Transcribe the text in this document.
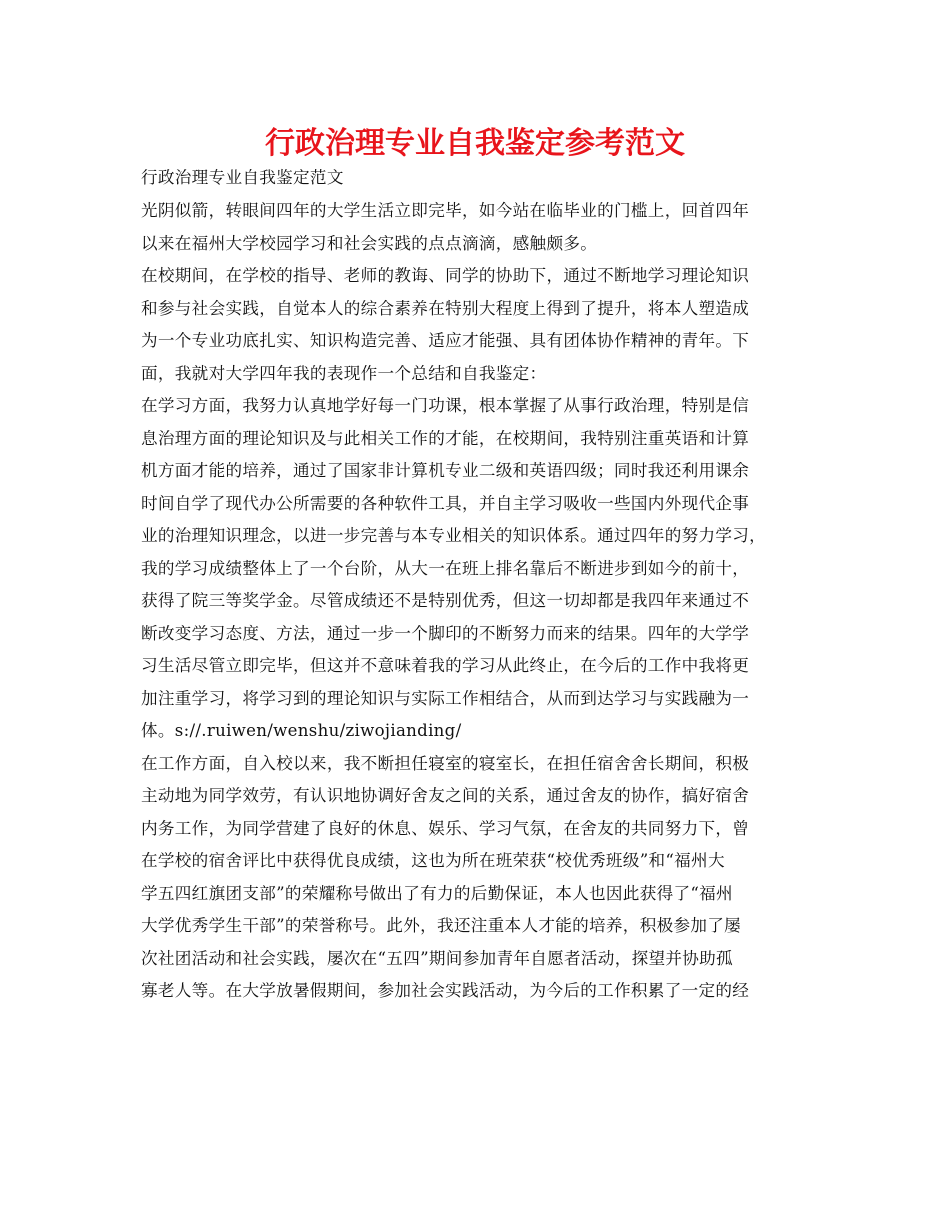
行政治理专业自我鉴定参考范文
行政治理专业自我鉴定范文
光阴似箭，转眼间四年的大学生活立即完毕，如今站在临毕业的门槛上，回首四年
以来在福州大学校园学习和社会实践的点点滴滴，感触颇多。
在校期间，在学校的指导、老师的教诲、同学的协助下，通过不断地学习理论知识
和参与社会实践，自觉本人的综合素养在特别大程度上得到了提升，将本人塑造成
为一个专业功底扎实、知识构造完善、适应才能强、具有团体协作精神的青年。下
面，我就对大学四年我的表现作一个总结和自我鉴定：
在学习方面，我努力认真地学好每一门功课，根本掌握了从事行政治理，特别是信
息治理方面的理论知识及与此相关工作的才能，在校期间，我特别注重英语和计算
机方面才能的培养，通过了国家非计算机专业二级和英语四级；同时我还利用课余
时间自学了现代办公所需要的各种软件工具，并自主学习吸收一些国内外现代企事
业的治理知识理念，以进一步完善与本专业相关的知识体系。通过四年的努力学习，
我的学习成绩整体上了一个台阶，从大一在班上排名靠后不断进步到如今的前十，
获得了院三等奖学金。尽管成绩还不是特别优秀，但这一切却都是我四年来通过不
断改变学习态度、方法，通过一步一个脚印的不断努力而来的结果。四年的大学学
习生活尽管立即完毕，但这并不意味着我的学习从此终止，在今后的工作中我将更
加注重学习，将学习到的理论知识与实际工作相结合，从而到达学习与实践融为一
体。s://.ruiwen/wenshu/ziwojianding/
在工作方面，自入校以来，我不断担任寝室的寝室长，在担任宿舍舍长期间，积极
主动地为同学效劳，有认识地协调好舍友之间的关系，通过舍友的协作，搞好宿舍
内务工作，为同学营建了良好的休息、娱乐、学习气氛，在舍友的共同努力下，曾
在学校的宿舍评比中获得优良成绩，这也为所在班荣获“校优秀班级”和“福州大
学五四红旗团支部”的荣耀称号做出了有力的后勤保证，本人也因此获得了“福州
大学优秀学生干部”的荣誉称号。此外，我还注重本人才能的培养，积极参加了屡
次社团活动和社会实践，屡次在“五四”期间参加青年自愿者活动，探望并协助孤
寡老人等。在大学放暑假期间，参加社会实践活动，为今后的工作积累了一定的经
